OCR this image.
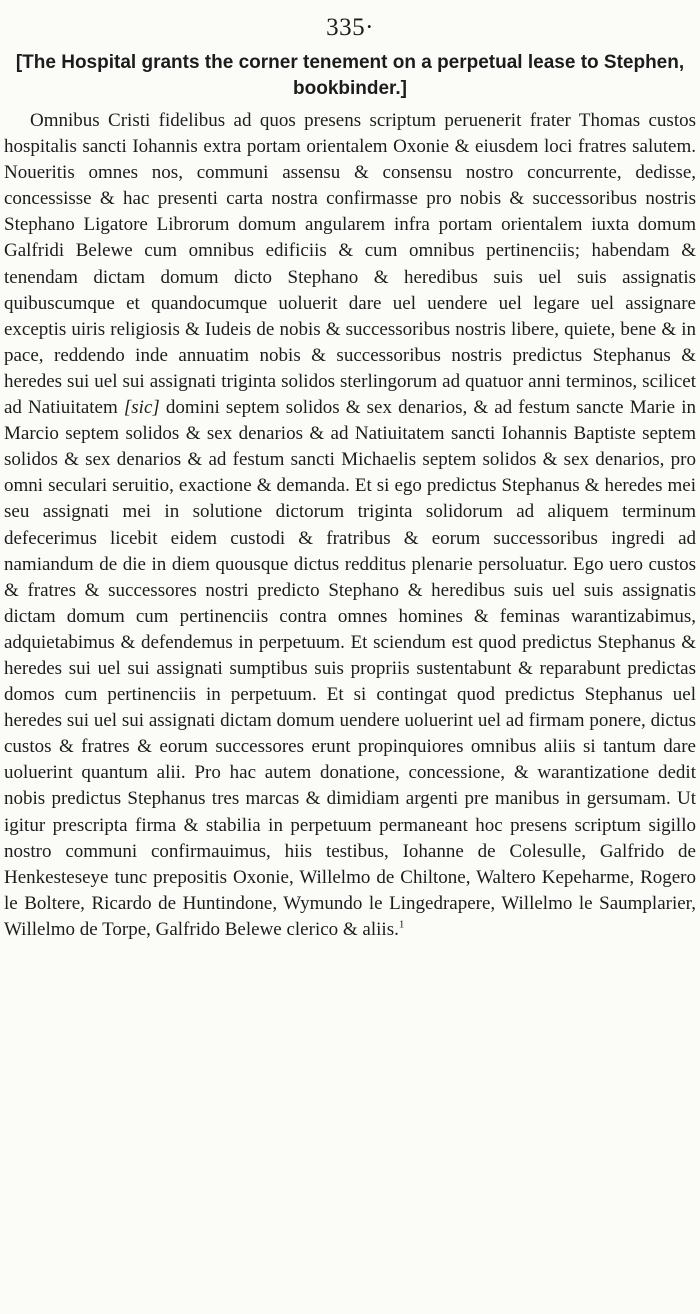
335·
[The Hospital grants the corner tenement on a perpetual lease to Stephen, bookbinder.]

Omnibus Cristi fidelibus ad quos presens scriptum peruenerit frater Thomas custos hospitalis sancti Iohannis extra portam orientalem Oxonie & eiusdem loci fratres salutem. Noueritis omnes nos, communi assensu & consensu nostro concurrente, dedisse, concessisse & hac presenti carta nostra confirmasse pro nobis & successoribus nostris Stephano Ligatore Librorum domum angularem infra portam orientalem iuxta domum Galfridi Belewe cum omnibus edificiis & cum omnibus pertinenciis; habendam & tenendam dictam domum dicto Stephano & heredibus suis uel suis assignatis quibuscumque et quandocumque uoluerit dare uel uendere uel legare uel assignare exceptis uiris religiosis & Iudeis de nobis & successoribus nostris libere, quiete, bene & in pace, reddendo inde annuatim nobis & successoribus nostris predictus Stephanus & heredes sui uel sui assignati triginta solidos sterlingorum ad quatuor anni terminos, scilicet ad Natiuitatem [sic] domini septem solidos & sex denarios, & ad festum sancte Marie in Marcio septem solidos & sex denarios & ad Natiuitatem sancti Iohannis Baptiste septem solidos & sex denarios & ad festum sancti Michaelis septem solidos & sex denarios, pro omni seculari seruitio, exactione & demanda. Et si ego predictus Stephanus & heredes mei seu assignati mei in solutione dictorum triginta solidorum ad aliquem terminum defecerimus licebit eidem custodi & fratribus & eorum successoribus ingredi ad namiandum de die in diem quousque dictus redditus plenarie persoluatur. Ego uero custos & fratres & successores nostri predicto Stephano & heredibus suis uel suis assignatis dictam domum cum pertinenciis contra omnes homines & feminas warantizabimus, adquietabimus & defendemus in perpetuum. Et sciendum est quod predictus Stephanus & heredes sui uel sui assignati sumptibus suis propriis sustentabunt & reparabunt predictas domos cum pertinenciis in perpetuum. Et si contingat quod predictus Stephanus uel heredes sui uel sui assignati dictam domum uendere uoluerint uel ad firmam ponere, dictus custos & fratres & eorum successores erunt propinquiores omnibus aliis si tantum dare uoluerint quantum alii. Pro hac autem donatione, concessione, & warantizatione dedit nobis predictus Stephanus tres marcas & dimidiam argenti pre manibus in gersumam. Ut igitur prescripta firma & stabilia in perpetuum permaneant hoc presens scriptum sigillo nostro communi confirmauimus, hiis testibus, Iohanne de Colesulle, Galfrido de Henkesteseye tunc prepositis Oxonie, Willelmo de Chiltone, Waltero Kepeharme, Rogero le Boltere, Ricardo de Huntindone, Wymundo le Lingedrapere, Willelmo le Saumplarier, Willelmo de Torpe, Galfrido Belewe clerico & aliis.$^1$
